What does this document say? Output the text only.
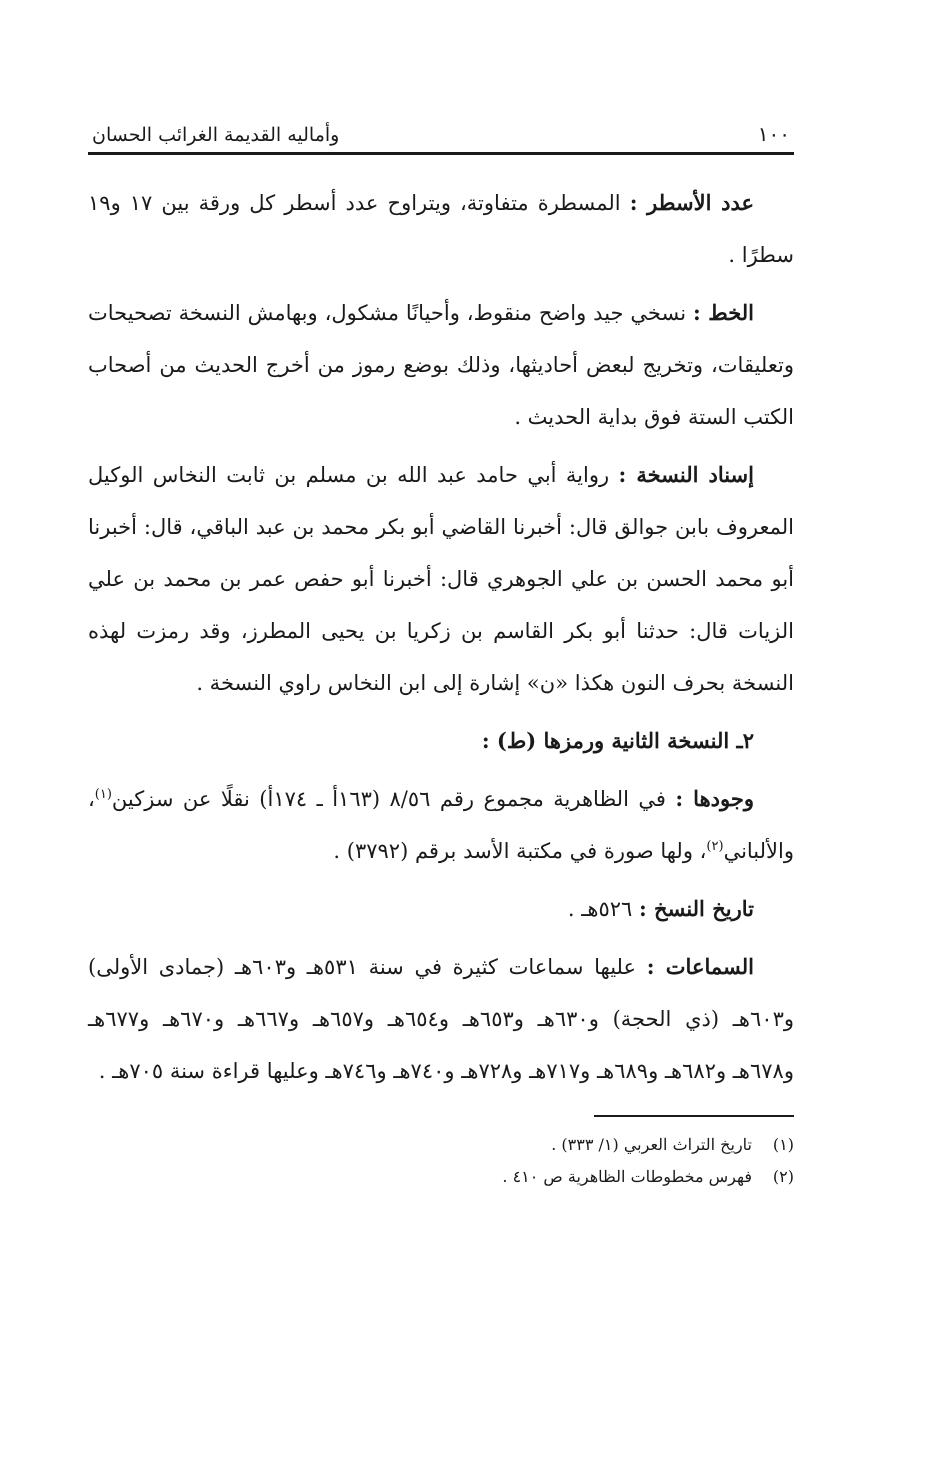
١٠٠
وأماليه القديمة الغرائب الحسان

عدد الأسطر : المسطرة متفاوتة، ويتراوح عدد أسطر كل ورقة بين ١٧ و١٩ سطرًا .

الخط : نسخي جيد واضح منقوط، وأحيانًا مشكول، وبهامش النسخة تصحيحات وتعليقات، وتخريج لبعض أحاديثها، وذلك بوضع رموز من أخرج الحديث من أصحاب الكتب الستة فوق بداية الحديث .

إسناد النسخة : رواية أبي حامد عبد الله بن مسلم بن ثابت النخاس الوكيل المعروف بابن جوالق قال: أخبرنا القاضي أبو بكر محمد بن عبد الباقي، قال: أخبرنا أبو محمد الحسن بن علي الجوهري قال: أخبرنا أبو حفص عمر بن محمد بن علي الزيات قال: حدثنا أبو بكر القاسم بن زكريا بن يحيى المطرز، وقد رمزت لهذه النسخة بحرف النون هكذا «ن» إشارة إلى ابن النخاس راوي النسخة .

٢ـ النسخة الثانية ورمزها (ط) :

وجودها : في الظاهرية مجموع رقم ٨/٥٦ (١٦٣أ ـ ١٧٤أ) نقلًا عن سزكين$^{(١)}$، والألباني$^{(٢)}$، ولها صورة في مكتبة الأسد برقم (٣٧٩٢) .

تاريخ النسخ : ٥٢٦هـ .

السماعات : عليها سماعات كثيرة في سنة ٥٣١هـ و٦٠٣هـ (جمادى الأولى) و٦٠٣هـ (ذي الحجة) و٦٣٠هـ و٦٥٣هـ و٦٥٤هـ و٦٥٧هـ و٦٦٧هـ و٦٧٠هـ و٦٧٧هـ و٦٧٨هـ و٦٨٢هـ و٦٨٩هـ و٧١٧هـ و٧٢٨هـ و٧٤٠هـ و٧٤٦هـ وعليها قراءة سنة ٧٠٥هـ .

(١)
تاريخ التراث العربي (١/ ٣٣٣) .
(٢)
فهرس مخطوطات الظاهرية ص ٤١٠ .
